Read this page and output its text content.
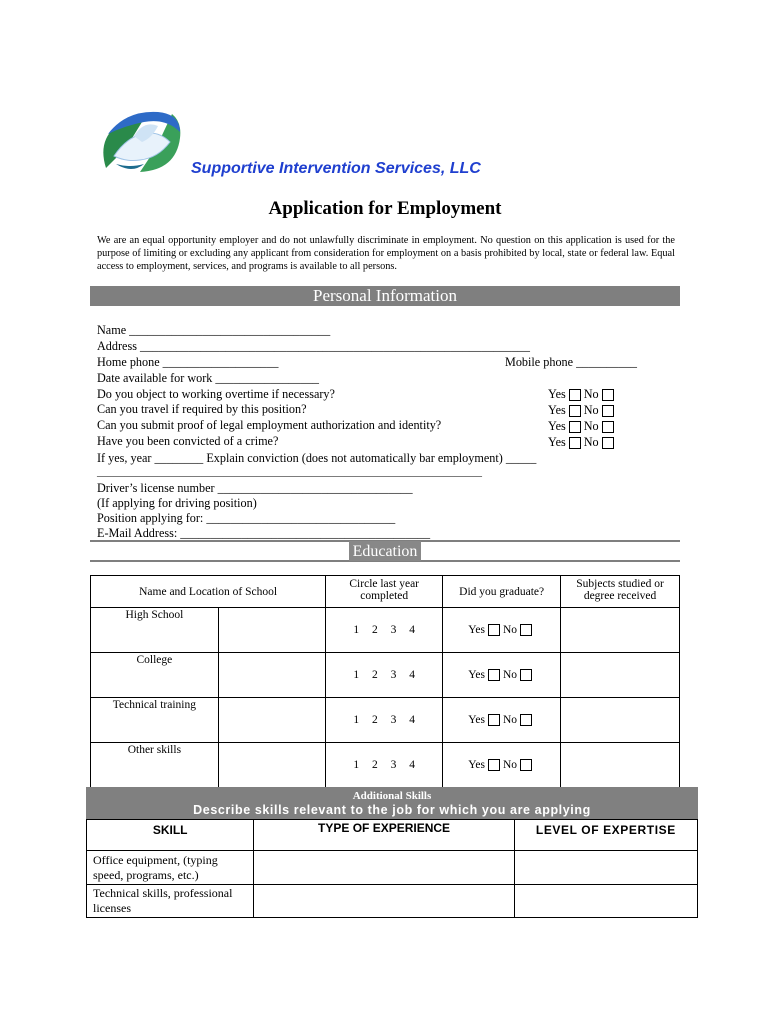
Supportive Intervention Services, LLC
Application for Employment
We are an equal opportunity employer and do not unlawfully discriminate in employment. No question on this application is used for the purpose of limiting or excluding any applicant from consideration for employment on a basis prohibited by local, state or federal law. Equal access to employment, services, and programs is available to all persons.
Personal Information
Name _________________________________
Address ________________________________________________________________
Home phone ___________________	Mobile phone __________
Date available for work _________________
Do you object to working overtime if necessary?	Yes No
Can you travel if required by this position?	Yes No
Can you submit proof of legal employment authorization and identity?	Yes No
Have you been convicted of a crime?	Yes No
If yes, year ________ Explain conviction (does not automatically bar employment) _____
______________________________________________________________________
Driver’s license number ________________________________
(If applying for driving position)
Position applying for: _______________________________
E-Mail Address: _________________________________________
Education
Name and Location of School		Circle last year completed	Did you graduate?	Subjects studied or degree received
High School		1 2 3 4	Yes No	
College		1 2 3 4	Yes No	
Technical training		1 2 3 4	Yes No	
Other skills		1 2 3 4	Yes No	
Additional Skills
Describe skills relevant to the job for which you are applying
SKILL	TYPE OF EXPERIENCE	LEVEL OF EXPERTISE
Office equipment, (typing speed, programs, etc.)		
Technical skills, professional licenses		
